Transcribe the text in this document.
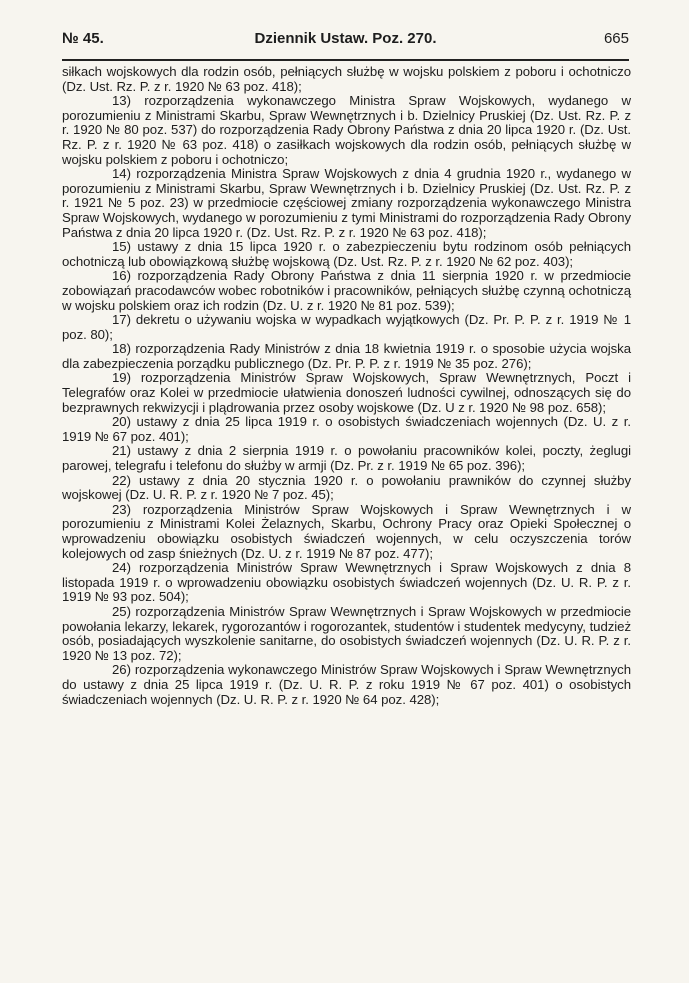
№ 45.	Dziennik Ustaw. Poz. 270.	665

siłkach wojskowych dla rodzin osób, pełniących służbę w wojsku polskiem z poboru i ochotniczo (Dz. Ust. Rz. P. z r. 1920 № 63 poz. 418);

13) rozporządzenia wykonawczego Ministra Spraw Wojskowych, wydanego w porozumieniu z Ministrami Skarbu, Spraw Wewnętrznych i b. Dzielnicy Pruskiej (Dz. Ust. Rz. P. z r. 1920 № 80 poz. 537) do rozporządzenia Rady Obrony Państwa z dnia 20 lipca 1920 r. (Dz. Ust. Rz. P. z r. 1920 № 63 poz. 418) o zasiłkach wojskowych dla rodzin osób, pełniących służbę w wojsku polskiem z poboru i ochotniczo;

14) rozporządzenia Ministra Spraw Wojskowych z dnia 4 grudnia 1920 r., wydanego w porozumieniu z Ministrami Skarbu, Spraw Wewnętrznych i b. Dzielnicy Pruskiej (Dz. Ust. Rz. P. z r. 1921 № 5 poz. 23) w przedmiocie częściowej zmiany rozporządzenia wykonawczego Ministra Spraw Wojskowych, wydanego w porozumieniu z tymi Ministrami do rozporządzenia Rady Obrony Państwa z dnia 20 lipca 1920 r. (Dz. Ust. Rz. P. z r. 1920 № 63 poz. 418);

15) ustawy z dnia 15 lipca 1920 r. o zabezpieczeniu bytu rodzinom osób pełniących ochotniczą lub obowiązkową służbę wojskową (Dz. Ust. Rz. P. z r. 1920 № 62 poz. 403);

16) rozporządzenia Rady Obrony Państwa z dnia 11 sierpnia 1920 r. w przedmiocie zobowiązań pracodawców wobec robotników i pracowników, pełniących służbę czynną ochotniczą w wojsku polskiem oraz ich rodzin (Dz. U. z r. 1920 № 81 poz. 539);

17) dekretu o używaniu wojska w wypadkach wyjątkowych (Dz. Pr. P. P. z r. 1919 № 1 poz. 80);

18) rozporządzenia Rady Ministrów z dnia 18 kwietnia 1919 r. o sposobie użycia wojska dla zabezpieczenia porządku publicznego (Dz. Pr. P. P. z r. 1919 № 35 poz. 276);

19) rozporządzenia Ministrów Spraw Wojskowych, Spraw Wewnętrznych, Poczt i Telegrafów oraz Kolei w przedmiocie ułatwienia donoszeń ludności cywilnej, odnoszących się do bezprawnych rekwizycji i plądrowania przez osoby wojskowe (Dz. U z r. 1920 № 98 poz. 658);

20) ustawy z dnia 25 lipca 1919 r. o osobistych świadczeniach wojennych (Dz. U. z r. 1919 № 67 poz. 401);

21) ustawy z dnia 2 sierpnia 1919 r. o powołaniu pracowników kolei, poczty, żeglugi parowej, telegrafu i telefonu do służby w armji (Dz. Pr. z r. 1919 № 65 poz. 396);

22) ustawy z dnia 20 stycznia 1920 r. o powołaniu prawników do czynnej służby wojskowej (Dz. U. R. P. z r. 1920 № 7 poz. 45);

23) rozporządzenia Ministrów Spraw Wojskowych i Spraw Wewnętrznych i w porozumieniu z Ministrami Kolei Żelaznych, Skarbu, Ochrony Pracy oraz Opieki Społecznej o wprowadzeniu obowiązku osobistych świadczeń wojennych, w celu oczyszczenia torów kolejowych od zasp śnieżnych (Dz. U. z r. 1919 № 87 poz. 477);

24) rozporządzenia Ministrów Spraw Wewnętrznych i Spraw Wojskowych z dnia 8 listopada 1919 r. o wprowadzeniu obowiązku osobistych świadczeń wojennych (Dz. U. R. P. z r. 1919 № 93 poz. 504);

25) rozporządzenia Ministrów Spraw Wewnętrznych i Spraw Wojskowych w przedmiocie powołania lekarzy, lekarek, rygorozantów i rogorozantek, studentów i studentek medycyny, tudzież osób, posiadających wyszkolenie sanitarne, do osobistych świadczeń wojennych (Dz. U. R. P. z r. 1920 № 13 poz. 72);

26) rozporządzenia wykonawczego Ministrów Spraw Wojskowych i Spraw Wewnętrznych do ustawy z dnia 25 lipca 1919 r. (Dz. U. R. P. z roku 1919 № 67 poz. 401) o osobistych świadczeniach wojennych (Dz. U. R. P. z r. 1920 № 64 poz. 428);
